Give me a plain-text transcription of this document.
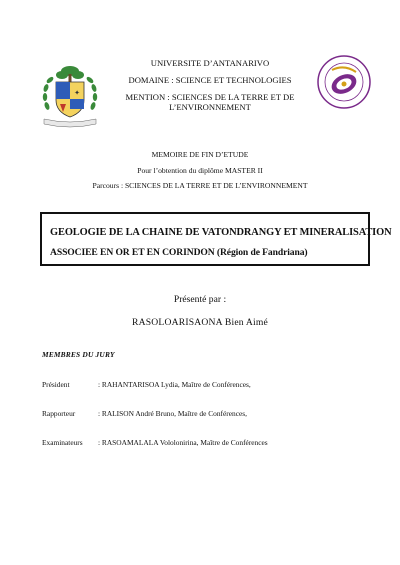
✦
UNIVERSITE D’ANTANARIVO
DOMAINE : SCIENCE ET TECHNOLOGIES
MENTION : SCIENCES DE LA TERRE ET DE
L’ENVIRONNEMENT
MEMOIRE DE FIN D’ETUDE
Pour l’obtention du diplôme MASTER II
Parcours : SCIENCES DE LA TERRE ET DE L’ENVIRONNEMENT
GEOLOGIE DE LA CHAINE DE VATONDRANGY ET MINERALISATION
ASSOCIEE EN OR ET EN CORINDON (Région de Fandriana)
Présenté par :
RASOLOARISAONA Bien Aimé
MEMBRES DU JURY
Président	: RAHANTARISOA Lydia, Maître de Conférences,
Rapporteur	: RALISON André Bruno, Maître de Conférences,
Examinateurs : RASOAMALALA Vololonirina, Maître de Conférences
